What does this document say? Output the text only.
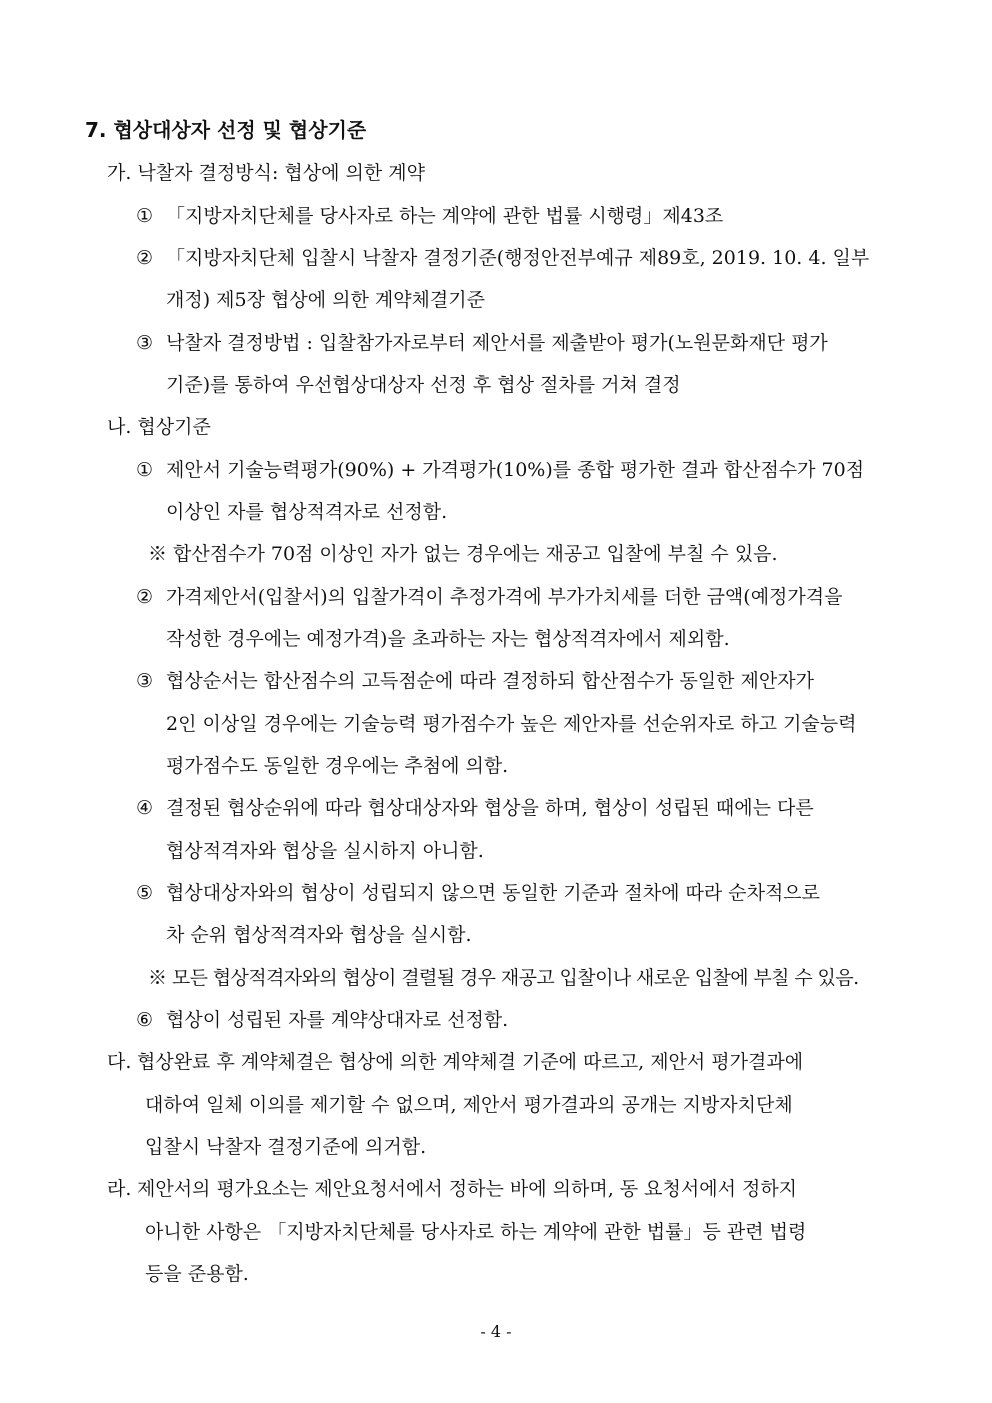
7. 협상대상자 선정 및 협상기준
가. 낙찰자 결정방식: 협상에 의한 계약
① 「지방자치단체를 당사자로 하는 계약에 관한 법률 시행령」제43조
② 「지방자치단체 입찰시 낙찰자 결정기준(행정안전부예규 제89호, 2019. 10. 4. 일부
개정) 제5장 협상에 의한 계약체결기준
③ 낙찰자 결정방법 : 입찰참가자로부터 제안서를 제출받아 평가(노원문화재단 평가
기준)를 통하여 우선협상대상자 선정 후 협상 절차를 거쳐 결정
나. 협상기준
① 제안서 기술능력평가(90%) + 가격평가(10%)를 종합 평가한 결과 합산점수가 70점
이상인 자를 협상적격자로 선정함.
※ 합산점수가 70점 이상인 자가 없는 경우에는 재공고 입찰에 부칠 수 있음.
② 가격제안서(입찰서)의 입찰가격이 추정가격에 부가가치세를 더한 금액(예정가격을
작성한 경우에는 예정가격)을 초과하는 자는 협상적격자에서 제외함.
③ 협상순서는 합산점수의 고득점순에 따라 결정하되 합산점수가 동일한 제안자가
2인 이상일 경우에는 기술능력 평가점수가 높은 제안자를 선순위자로 하고 기술능력
평가점수도 동일한 경우에는 추첨에 의함.
④ 결정된 협상순위에 따라 협상대상자와 협상을 하며, 협상이 성립된 때에는 다른
협상적격자와 협상을 실시하지 아니함.
⑤ 협상대상자와의 협상이 성립되지 않으면 동일한 기준과 절차에 따라 순차적으로
차 순위 협상적격자와 협상을 실시함.
※ 모든 협상적격자와의 협상이 결렬될 경우 재공고 입찰이나 새로운 입찰에 부칠 수 있음.
⑥ 협상이 성립된 자를 계약상대자로 선정함.
다. 협상완료 후 계약체결은 협상에 의한 계약체결 기준에 따르고, 제안서 평가결과에
대하여 일체 이의를 제기할 수 없으며, 제안서 평가결과의 공개는 지방자치단체
입찰시 낙찰자 결정기준에 의거함.
라. 제안서의 평가요소는 제안요청서에서 정하는 바에 의하며, 동 요청서에서 정하지
아니한 사항은 「지방자치단체를 당사자로 하는 계약에 관한 법률」등 관련 법령
등을 준용함.
- 4 -
